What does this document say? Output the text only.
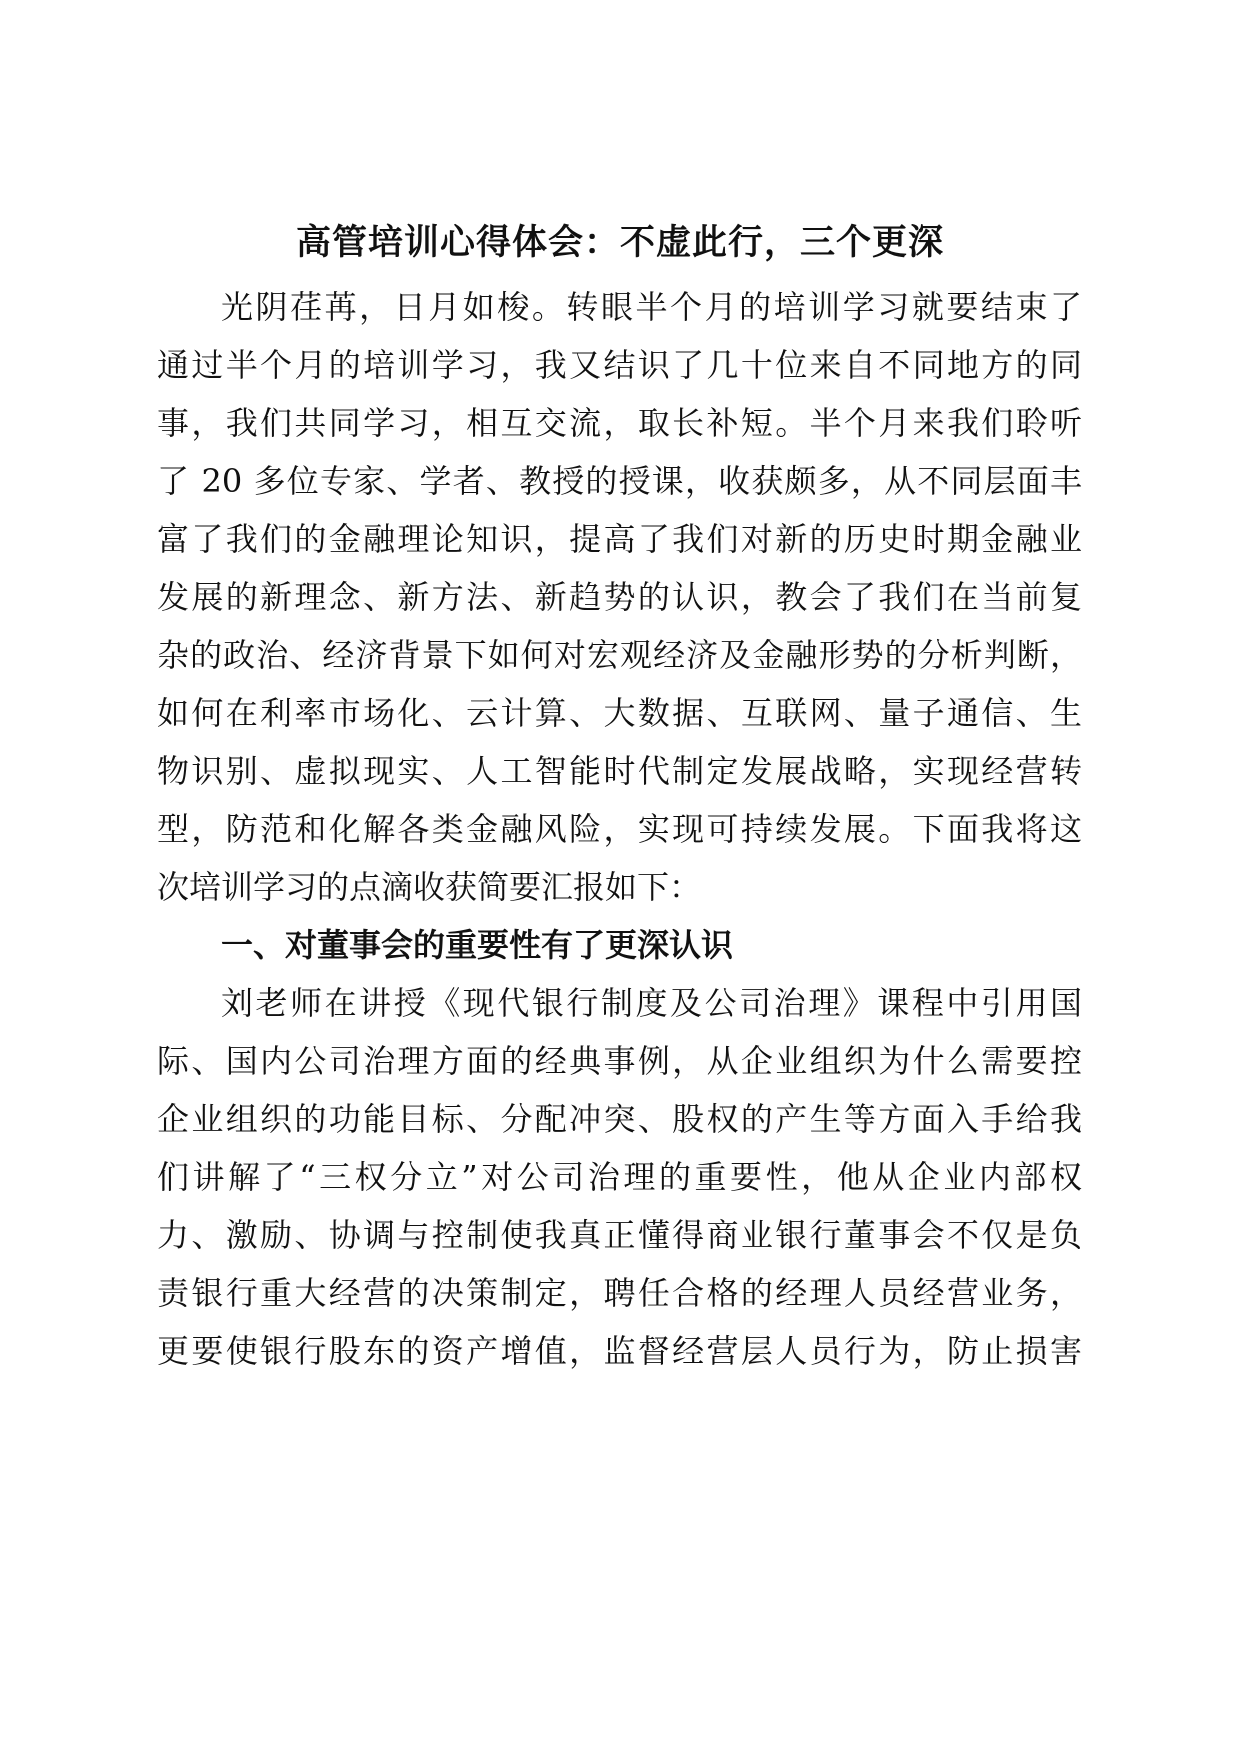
高管培训心得体会：不虚此行，三个更深
光阴荏苒，日月如梭。转眼半个月的培训学习就要结束了
通过半个月的培训学习，我又结识了几十位来自不同地方的同
事，我们共同学习，相互交流，取长补短。半个月来我们聆听
了 20 多位专家、学者、教授的授课，收获颇多，从不同层面丰
富了我们的金融理论知识，提高了我们对新的历史时期金融业
发展的新理念、新方法、新趋势的认识，教会了我们在当前复
杂的政治、经济背景下如何对宏观经济及金融形势的分析判断，
如何在利率市场化、云计算、大数据、互联网、量子通信、生
物识别、虚拟现实、人工智能时代制定发展战略，实现经营转
型，防范和化解各类金融风险，实现可持续发展。下面我将这
次培训学习的点滴收获简要汇报如下：
一、对董事会的重要性有了更深认识
刘老师在讲授《现代银行制度及公司治理》课程中引用国
际、国内公司治理方面的经典事例，从企业组织为什么需要控
企业组织的功能目标、分配冲突、股权的产生等方面入手给我
们讲解了“三权分立”对公司治理的重要性，他从企业内部权
力、激励、协调与控制使我真正懂得商业银行董事会不仅是负
责银行重大经营的决策制定，聘任合格的经理人员经营业务，
更要使银行股东的资产增值，监督经营层人员行为，防止损害
